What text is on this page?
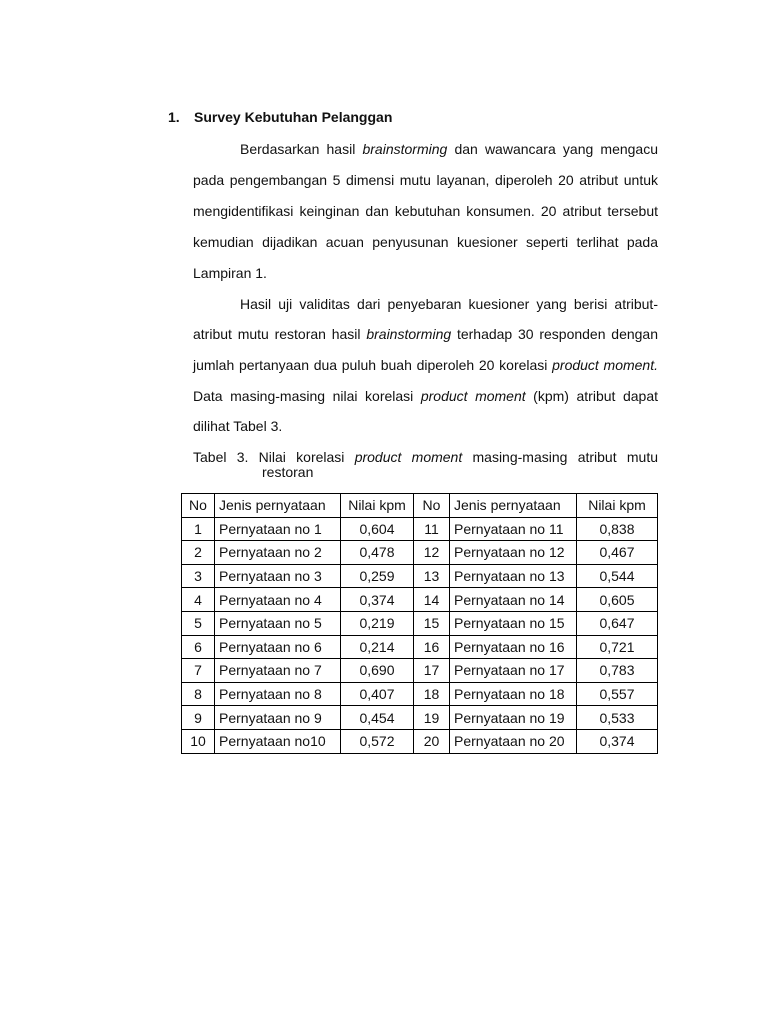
1. Survey Kebutuhan Pelanggan
Berdasarkan hasil brainstorming dan wawancara yang mengacu
pada pengembangan 5 dimensi mutu layanan, diperoleh 20 atribut untuk
mengidentifikasi keinginan dan kebutuhan konsumen. 20 atribut tersebut
kemudian dijadikan acuan penyusunan kuesioner seperti terlihat pada
Lampiran 1.
Hasil uji validitas dari penyebaran kuesioner yang berisi atribut-
atribut mutu restoran hasil brainstorming terhadap 30 responden dengan
jumlah pertanyaan dua puluh buah diperoleh 20 korelasi product moment.
Data masing-masing nilai korelasi product moment (kpm) atribut dapat
dilihat Tabel 3.
Tabel 3. Nilai korelasi product moment masing-masing atribut mutu
restoran
No	Jenis pernyataan	Nilai kpm	No	Jenis pernyataan	Nilai kpm
1	Pernyataan no 1	0,604	11	Pernyataan no 11	0,838
2	Pernyataan no 2	0,478	12	Pernyataan no 12	0,467
3	Pernyataan no 3	0,259	13	Pernyataan no 13	0,544
4	Pernyataan no 4	0,374	14	Pernyataan no 14	0,605
5	Pernyataan no 5	0,219	15	Pernyataan no 15	0,647
6	Pernyataan no 6	0,214	16	Pernyataan no 16	0,721
7	Pernyataan no 7	0,690	17	Pernyataan no 17	0,783
8	Pernyataan no 8	0,407	18	Pernyataan no 18	0,557
9	Pernyataan no 9	0,454	19	Pernyataan no 19	0,533
10	Pernyataan no10	0,572	20	Pernyataan no 20	0,374
